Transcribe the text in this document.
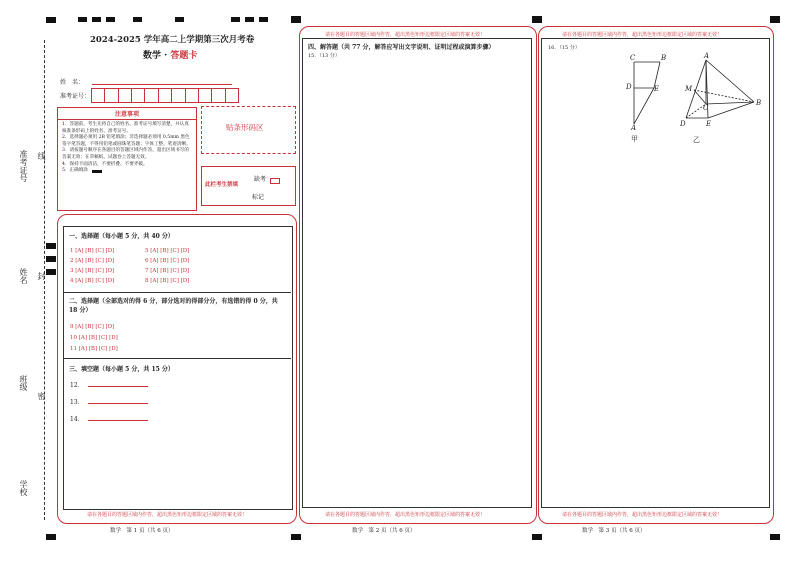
准考证号 线
姓名 封
班级
密
学校
2024-2025 学年高二上学期第三次月考卷
数学 · 答题卡
姓　名：
准考证号：
注意事项
1．答题前，考生先将自己的姓名、准考证号填写清楚，并认真核准条形码上的姓名、准考证号。
2．选择题必须用 2B 铅笔填涂；非选择题必须用 0.5mm 黑色签字笔答题，不得用铅笔或圆珠笔答题；字体工整、笔迹清晰。
3．请按题号顺序在各题目的答题区域内作答，超出区域书写的答案无效；在草稿纸、试题卷上答题无效。
4．保持卡面清洁，不要折叠、不要弄破。
5．正确填涂
贴条形码区
此栏考生禁填
缺考
标记
一、选择题（每小题 5 分，共 40 分）
1 [A] [B] [C] [D]
2 [A] [B] [C] [D]
3 [A] [B] [C] [D]
4 [A] [B] [C] [D]
5 [A] [B] [C] [D]
6 [A] [B] [C] [D]
7 [A] [B] [C] [D]
8 [A] [B] [C] [D]
二、选择题（全部选对的得 6 分，部分选对的得部分分，有选错的得 0 分，共 18 分）
9 [A] [B] [C] [D]
10 [A] [B] [C] [D]
11 [A] [B] [C] [D]
三、填空题（每小题 5 分，共 15 分）
12．
13．
14．
请在各题目的答题区域内作答，超出黑色矩形边框限定区域的答案无效！
数学　第 1 页（共 6 页）
请在各题目的答题区域内作答，超出黑色矩形边框限定区域的答案无效！
四、解答题（共 77 分，解答应写出文字说明、证明过程或演算步骤）
15．（13 分）
请在各题目的答题区域内作答，超出黑色矩形边框限定区域的答案无效！
数学　第 2 页（共 6 页）
请在各题目的答题区域内作答，超出黑色矩形边框限定区域的答案无效！
16．（15 分）
C	B
D	E
A
A
M
B
C
D	E
甲	乙
请在各题目的答题区域内作答，超出黑色矩形边框限定区域的答案无效！
数学　第 3 页（共 6 页）
